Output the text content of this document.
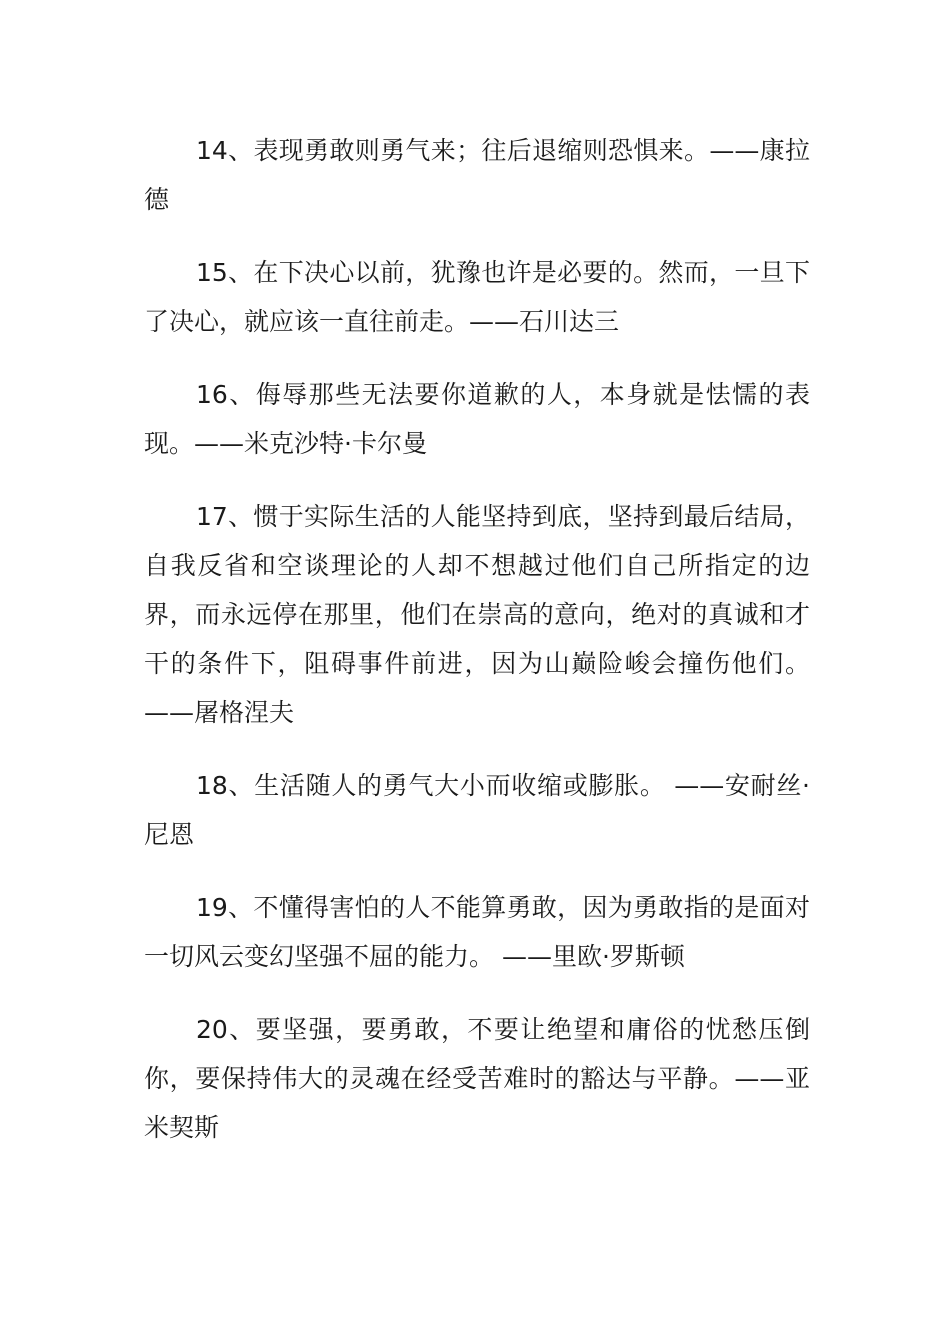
14、表现勇敢则勇气来；往后退缩则恐惧来。——康拉德

15、在下决心以前，犹豫也许是必要的。然而，一旦下了决心，就应该一直往前走。——石川达三

16、侮辱那些无法要你道歉的人，本身就是怯懦的表现。——米克沙特·卡尔曼

17、惯于实际生活的人能坚持到底，坚持到最后结局，自我反省和空谈理论的人却不想越过他们自己所指定的边界，而永远停在那里，他们在崇高的意向，绝对的真诚和才干的条件下，阻碍事件前进，因为山巅险峻会撞伤他们。——屠格涅夫

18、生活随人的勇气大小而收缩或膨胀。 ——安耐丝·尼恩

19、不懂得害怕的人不能算勇敢，因为勇敢指的是面对一切风云变幻坚强不屈的能力。 ——里欧·罗斯顿

20、要坚强，要勇敢，不要让绝望和庸俗的忧愁压倒你，要保持伟大的灵魂在经受苦难时的豁达与平静。——亚米契斯
